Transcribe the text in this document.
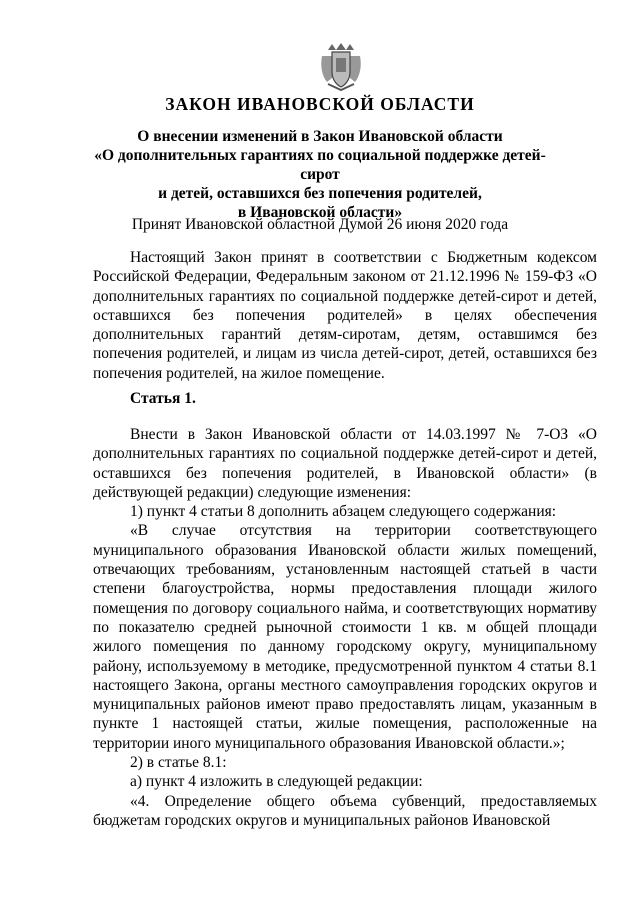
ЗАКОН ИВАНОВСКОЙ ОБЛАСТИ
О внесении изменений в Закон Ивановской области
«О дополнительных гарантиях по социальной поддержке детей-сирот
и детей, оставшихся без попечения родителей,
в Ивановской области»
Принят Ивановской областной Думой 26 июня 2020 года

Настоящий Закон принят в соответствии с Бюджетным кодексом Российской Федерации, Федеральным законом от 21.12.1996 № 159-ФЗ «О дополнительных гарантиях по социальной поддержке детей-сирот и детей, оставшихся без попечения родителей» в целях обеспечения дополнительных гарантий детям-сиротам, детям, оставшимся без попечения родителей, и лицам из числа детей-сирот, детей, оставшихся без попечения родителей, на жилое помещение.

Статья 1.

Внести в Закон Ивановской области от 14.03.1997 № 7-ОЗ «О дополнительных гарантиях по социальной поддержке детей-сирот и детей, оставшихся без попечения родителей, в Ивановской области» (в действующей редакции) следующие изменения:

1) пункт 4 статьи 8 дополнить абзацем следующего содержания:

«В случае отсутствия на территории соответствующего муниципального образования Ивановской области жилых помещений, отвечающих требованиям, установленным настоящей статьей в части степени благоустройства, нормы предоставления площади жилого помещения по договору социального найма, и соответствующих нормативу по показателю средней рыночной стоимости 1 кв. м общей площади жилого помещения по данному городскому округу, муниципальному району, используемому в методике, предусмотренной пунктом 4 статьи 8.1 настоящего Закона, органы местного самоуправления городских округов и муниципальных районов имеют право предоставлять лицам, указанным в пункте 1 настоящей статьи, жилые помещения, расположенные на территории иного муниципального образования Ивановской области.»;

2) в статье 8.1:

а) пункт 4 изложить в следующей редакции:

«4. Определение общего объема субвенций, предоставляемых бюджетам городских округов и муниципальных районов Ивановской
